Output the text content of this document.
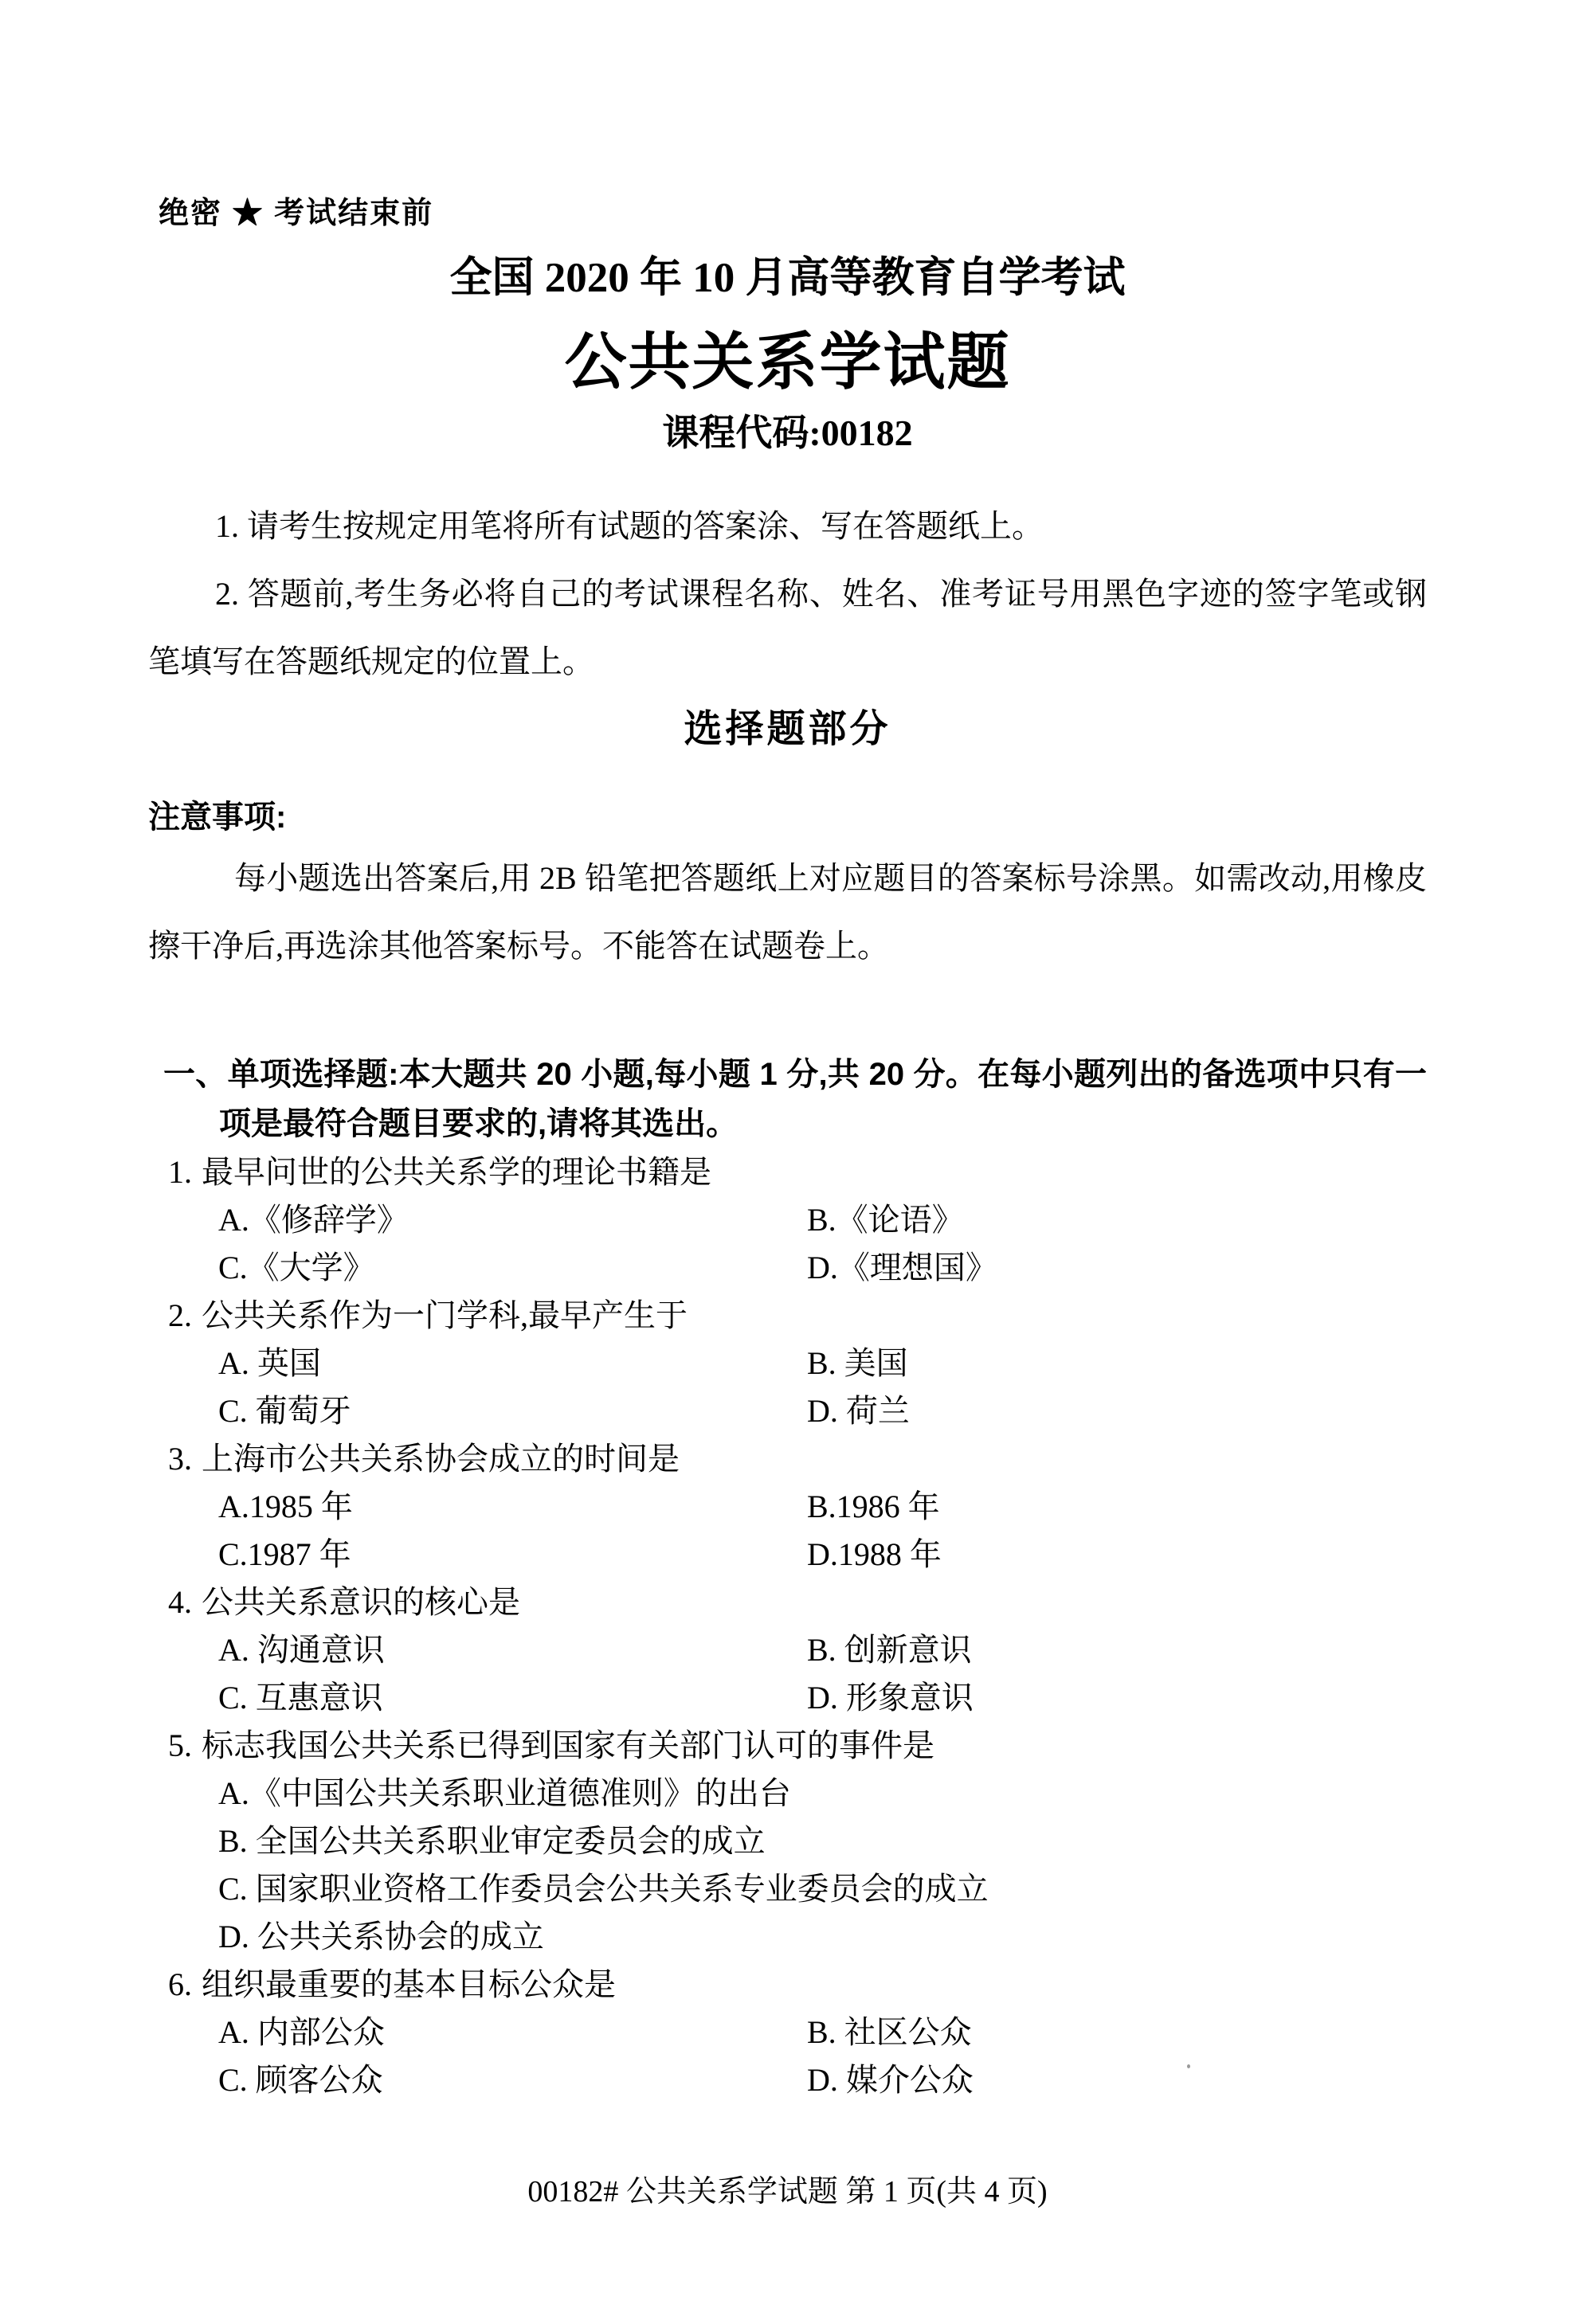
绝密 ★ 考试结束前
全国 2020 年 10 月高等教育自学考试
公共关系学试题
课程代码:00182

1. 请考生按规定用笔将所有试题的答案涂、写在答题纸上。

2. 答题前,考生务必将自己的考试课程名称、姓名、准考证号用黑色字迹的签字笔或钢笔填写在答题纸规定的位置上。

选择题部分
注意事项:

每小题选出答案后,用 2B 铅笔把答题纸上对应题目的答案标号涂黑。如需改动,用橡皮擦干净后,再选涂其他答案标号。不能答在试题卷上。

一、单项选择题:本大题共 20 小题,每小题 1 分,共 20 分。在每小题列出的备选项中只有一项是最符合题目要求的,请将其选出。
1. 最早问世的公共关系学的理论书籍是
A.《修辞学》	B.《论语》
C.《大学》	D.《理想国》
2. 公共关系作为一门学科,最早产生于
A. 英国	B. 美国
C. 葡萄牙	D. 荷兰
3. 上海市公共关系协会成立的时间是
A.1985 年	B.1986 年
C.1987 年	D.1988 年
4. 公共关系意识的核心是
A. 沟通意识	B. 创新意识
C. 互惠意识	D. 形象意识
5. 标志我国公共关系已得到国家有关部门认可的事件是
A.《中国公共关系职业道德准则》的出台
B. 全国公共关系职业审定委员会的成立
C. 国家职业资格工作委员会公共关系专业委员会的成立
D. 公共关系协会的成立
6. 组织最重要的基本目标公众是
A. 内部公众	B. 社区公众
C. 顾客公众	D. 媒介公众
00182# 公共关系学试题 第 1 页(共 4 页)
